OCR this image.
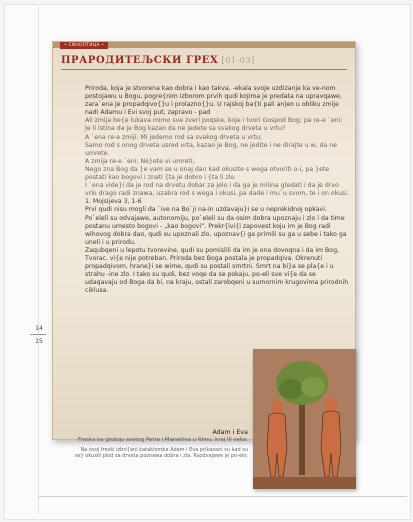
14
15
• СИНОПТИЦА •
ПРАРОДИТЕЉСКИ ГРЕХ [01-03]

Priroda, koja je stvorena kao dobra i kao takva, -ekala svoje uzdizanje ka ve-nom postojawu u Bogu, pogre{nim izborom prvih qudi kojima je predata na upravqawe, zara`ena je propadqivo{}u i prolazno{}u. U rajskoj ba{ti pali an|eo u obliku zmije nadi Adamu i Evi svoj put, zapravo - pad

Ali zmija be{e lukava mimo sve zveri poqske, koje i tvori Gospod Bog; pa re-e `eni: Je li istina da je Bog kazao da ne jedete sa svakog drveta u vrtu?

A `ena re-e zmiji: Mi jedemo rod sa svakog drveta u vrtu;

Samo rod s onog drveta usred vrta, kazao je Bog, ne jedite i ne dirajte u w, da ne umrete.

A zmija re-e `eni: Ne}ete vi umreti;

Nego zna Bog da }e vam se u onaj dan kad okusite s wega otvoriti o-i, pa }ete postati kao bogovi i znati {ta je dobro i {ta li zlo.

I `ena vide}i da je rod na drvetu dobar za jelo i da ga je milina gledati i da je drvo vrlo drago radi znawa, uzabra rod s wega i okusi, pa dade i mu`u svom, te i on okusi.

1. Mojsijeva 3, 1-6

Prvi qudi nisu mogli da `ive na Bo`ji na-in uzdavaju}i se u neprekidnoj opkavi. Po`eleli su odvajawe, autonomiju, po`eleli su da osim dobra upoznaju i zlo i da time postanu umesto bogovi - „kao bogovi“. Prekr{ivi{i zapovest koju im je Bog radi wihovog dobra dao, qudi su upoznali zlo, upoznav{i ga primili su ga u sebe i tako ga uneli i u prirodu.

Zaqubqeni u lepotu tvorevine, qudi su pomislili da im je ona dovoqna i da im Bog, Tvorac, vi{e nije potreban. Priroda bez Boga postala je propadqiva. Okrenuti propadqivom, hrane}i se wime, qudi su postali smrtni. Smrt na bi}a se pla{e i u strahu -ine zlo. I tako su qudi, bez voqe da se pokaju, po-eli sve vi{e da se udaqavaju od Boga da bi, na kraju, ostali zarobqeni u sumornim krugovima prirodnih ciklusa.

Adam i Eva
Freska na grobqu svetog Petra i Marselina u Rimu, kraj III veka.
Na ovoj freski izbri{ani kataklomba Adam i Eva prikazani su kad su ve} okusili plod sa drveta poznawa dobra i zla. Razdvajawe je po-elo.
